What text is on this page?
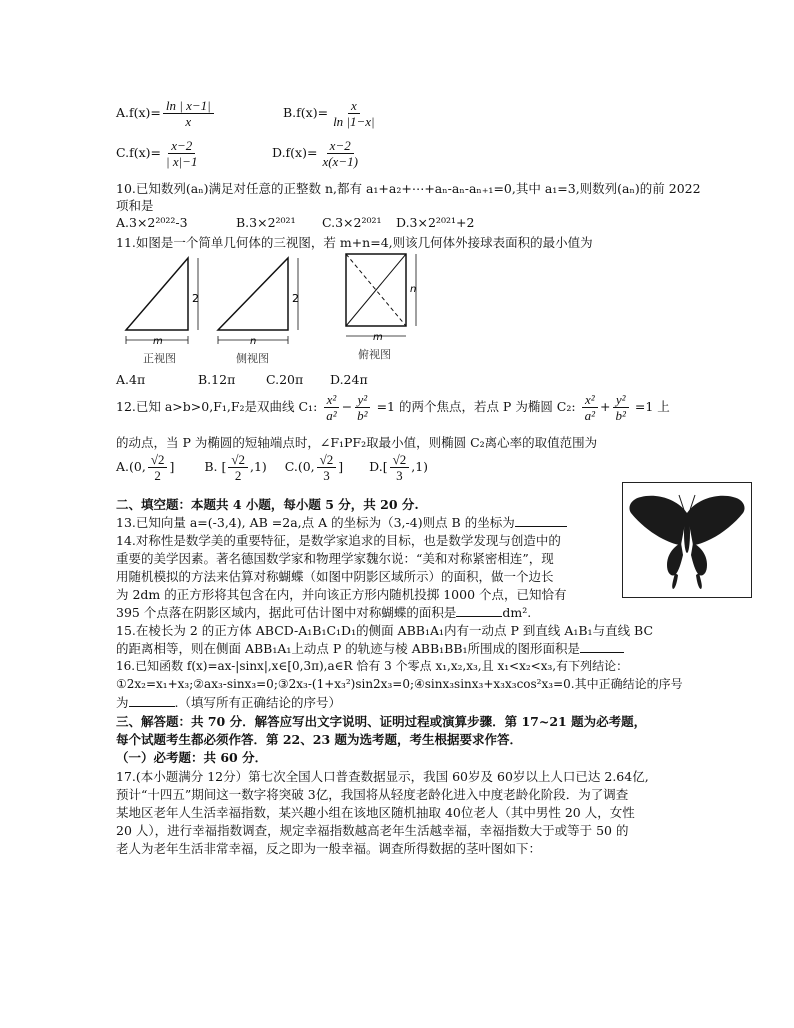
$A.f(x)= \frac{\ln | x-1|}{x}$	$B.f(x)= \frac{x}{\ln |1-x|}$
$C.f(x)= \frac{x-2}{| x|-1}$	$D.f(x)= \frac{x-2}{x(x-1)}$
10.已知数列(aₙ)满足对任意的正整数 n,都有 a₁+a₂+⋯+aₙ-aₙ-aₙ₊₁=0,其中 a₁=3,则数列(aₙ)的前 2022
项和是
A.3×2²⁰²²-3	B.3×2²⁰²¹ C.3×2²⁰²¹ D.3×2²⁰²¹+2
11.如图是一个简单几何体的三视图，若 m+n=4,则该几何体外接球表面积的最小值为
2
m
正视图
2
n
侧视图
n
m
俯视图
A.4π	B.12π C.20π D.24π
12.已知 a>b>0,F₁,F₂是双曲线 C₁: $\frac{\text{x²}}{\text{a²}} - \frac{\text{y²}}{\text{b²}} =1$ 的两个焦点，若点 P 为椭圆 C₂: $\frac{\text{x²}}{\text{a²}} + \frac{\text{y²}}{\text{b²}} =1$ 上
的动点，当 P 为椭圆的短轴端点时，∠F₁PF₂取最小值，则椭圆 C₂离心率的取值范围为
A.(0, $\frac{√2}{2}$ ] B. [ $\frac{√2}{2} ,1$) C.(0, $\frac{√2}{3}$ ] $D.[ \frac{√2}{3} ,1)$
二、填空题：本题共 4 小题，每小题 5 分，共 20 分.
13.已知向量 a=(-3,4), AB =2a,点 A 的坐标为（3,-4)则点 B 的坐标为
14.对称性是数学美的重要特征，是数学家追求的目标，也是数学发现与创造中的
重要的美学因素。著名德国数学家和物理学家魏尔说：“美和对称紧密相连”，现
用随机模拟的方法来估算对称蝴蝶（如图中阴影区域所示）的面积，做一个边长
为 2dm 的正方形将其包含在内，并向该正方形内随机投掷 1000 个点，已知恰有
395 个点落在阴影区域内，据此可估计图中对称蝴蝶的面积是	dm².
15.在棱长为 2 的正方体 ABCD-A₁B₁C₁D₁的侧面 ABB₁A₁内有一动点 P 到直线 A₁B₁与直线 BC
的距离相等，则在侧面 ABB₁A₁上动点 P 的轨迹与棱 ABB₁BB₁所围成的图形面积是
16.已知函数 f(x)=ax-|sinx|,x∈[0,3π),a∈R 恰有 3 个零点 x₁,x₂,x₃,且 x₁<x₂<x₃,有下列结论：
①2x₂=x₁+x₃;②ax₃-sinx₃=0;③2x₃-(1+x₃²)sin2x₃=0;④sinx₃sinx₃+x₃x₃cos²x₃=0.其中正确结论的序号
为	.（填写所有正确结论的序号）
三、解答题：共 70 分．解答应写出文字说明、证明过程或演算步骤．第 17~21 题为必考题，
每个试题考生都必须作答．第 22、23 题为选考题，考生根据要求作答．
（一）必考题：共 60 分．
17.(本小题满分 12分）第七次全国人口普查数据显示，我国 60岁及 60岁以上人口已达 2.64亿,
预计“十四五”期间这一数字将突破 3亿，我国将从轻度老龄化进入中度老龄化阶段．为了调查
某地区老年人生活幸福指数，某兴趣小组在该地区随机抽取 40位老人（其中男性 20 人，女性
20 人），进行幸福指数调查，规定幸福指数越高老年生活越幸福，幸福指数大于或等于 50 的
老人为老年生活非常幸福，反之即为一般幸福。调查所得数据的茎叶图如下：
